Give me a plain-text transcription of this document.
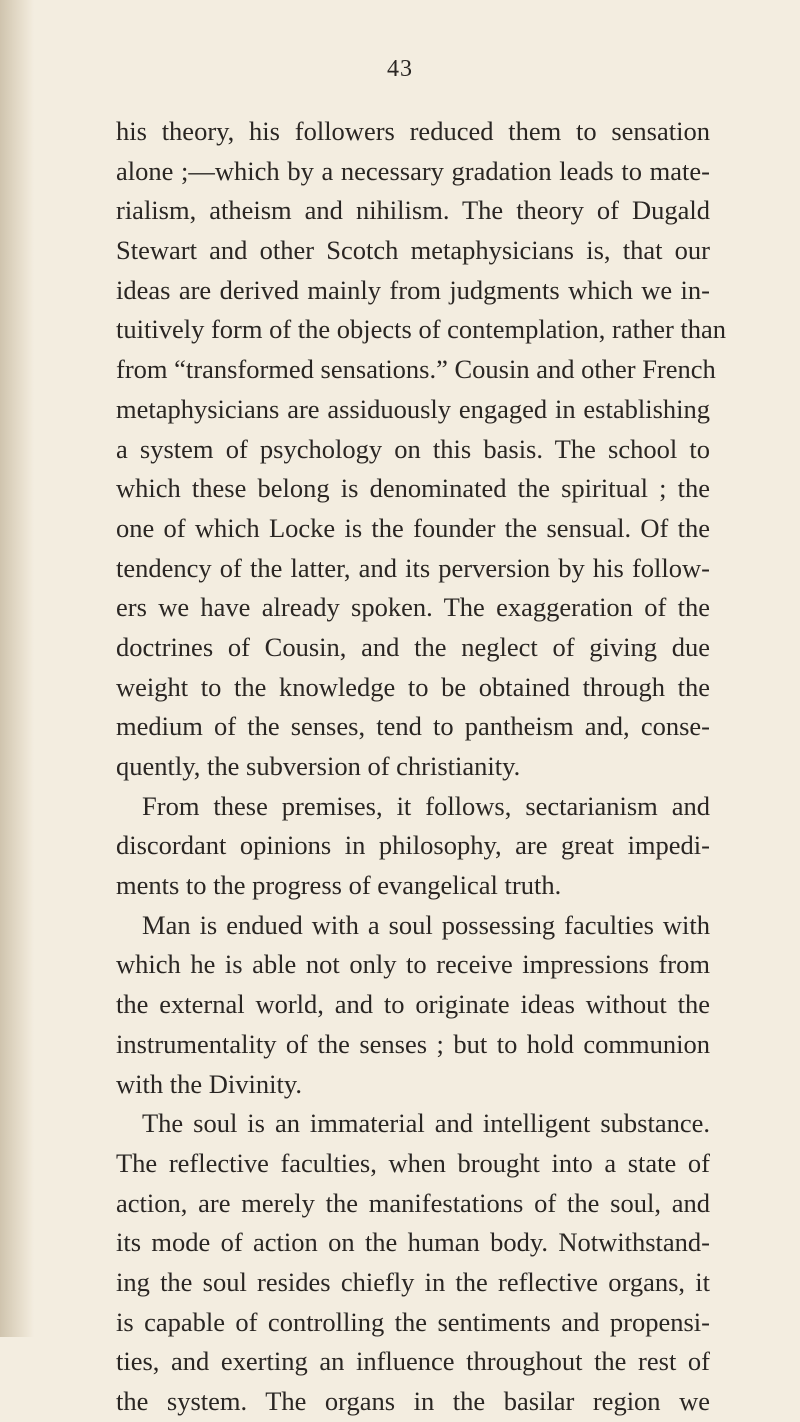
43
his theory, his followers reduced them to sensation
alone ;—which by a necessary gradation leads to mate-
rialism, atheism and nihilism. The theory of Dugald
Stewart and other Scotch metaphysicians is, that our
ideas are derived mainly from judgments which we in-
tuitively form of the objects of contemplation, rather than
from “transformed sensations.” Cousin and other French
metaphysicians are assiduously engaged in establishing
a system of psychology on this basis. The school to
which these belong is denominated the spiritual ; the
one of which Locke is the founder the sensual. Of the
tendency of the latter, and its perversion by his follow-
ers we have already spoken. The exaggeration of the
doctrines of Cousin, and the neglect of giving due
weight to the knowledge to be obtained through the
medium of the senses, tend to pantheism and, conse-
quently, the subversion of christianity.
From these premises, it follows, sectarianism and
discordant opinions in philosophy, are great impedi-
ments to the progress of evangelical truth.
Man is endued with a soul possessing faculties with
which he is able not only to receive impressions from
the external world, and to originate ideas without the
instrumentality of the senses ; but to hold communion
with the Divinity.
The soul is an immaterial and intelligent substance.
The reflective faculties, when brought into a state of
action, are merely the manifestations of the soul, and
its mode of action on the human body. Notwithstand-
ing the soul resides chiefly in the reflective organs, it
is capable of controlling the sentiments and propensi-
ties, and exerting an influence throughout the rest of
the system. The organs in the basilar region we
